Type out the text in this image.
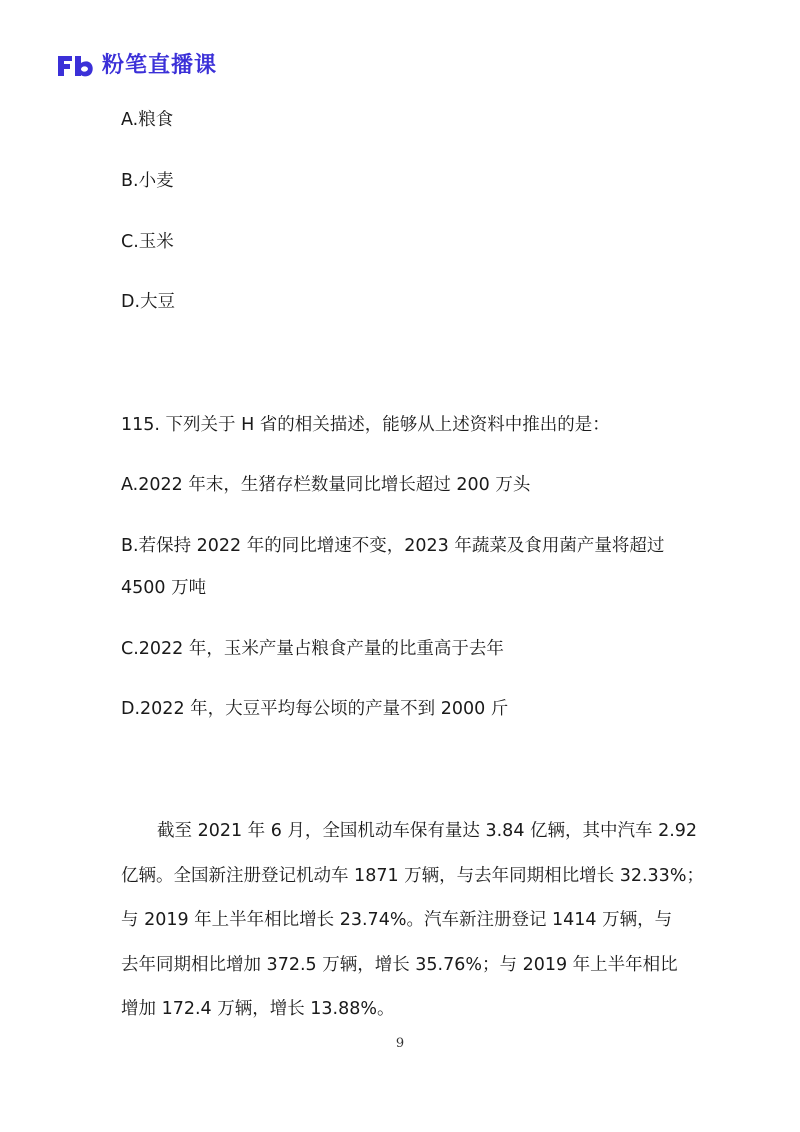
粉笔直播课
A.粮食
B.小麦
C.玉米
D.大豆
115. 下列关于 H 省的相关描述，能够从上述资料中推出的是：
A.2022 年末，生猪存栏数量同比增长超过 200 万头
B.若保持 2022 年的同比增速不变，2023 年蔬菜及食用菌产量将超过
4500 万吨
C.2022 年，玉米产量占粮食产量的比重高于去年
D.2022 年，大豆平均每公顷的产量不到 2000 斤
截至 2021 年 6 月，全国机动车保有量达 3.84 亿辆，其中汽车 2.92
亿辆。全国新注册登记机动车 1871 万辆，与去年同期相比增长 32.33%；
与 2019 年上半年相比增长 23.74%。汽车新注册登记 1414 万辆，与
去年同期相比增加 372.5 万辆，增长 35.76%；与 2019 年上半年相比
增加 172.4 万辆，增长 13.88%。
9
